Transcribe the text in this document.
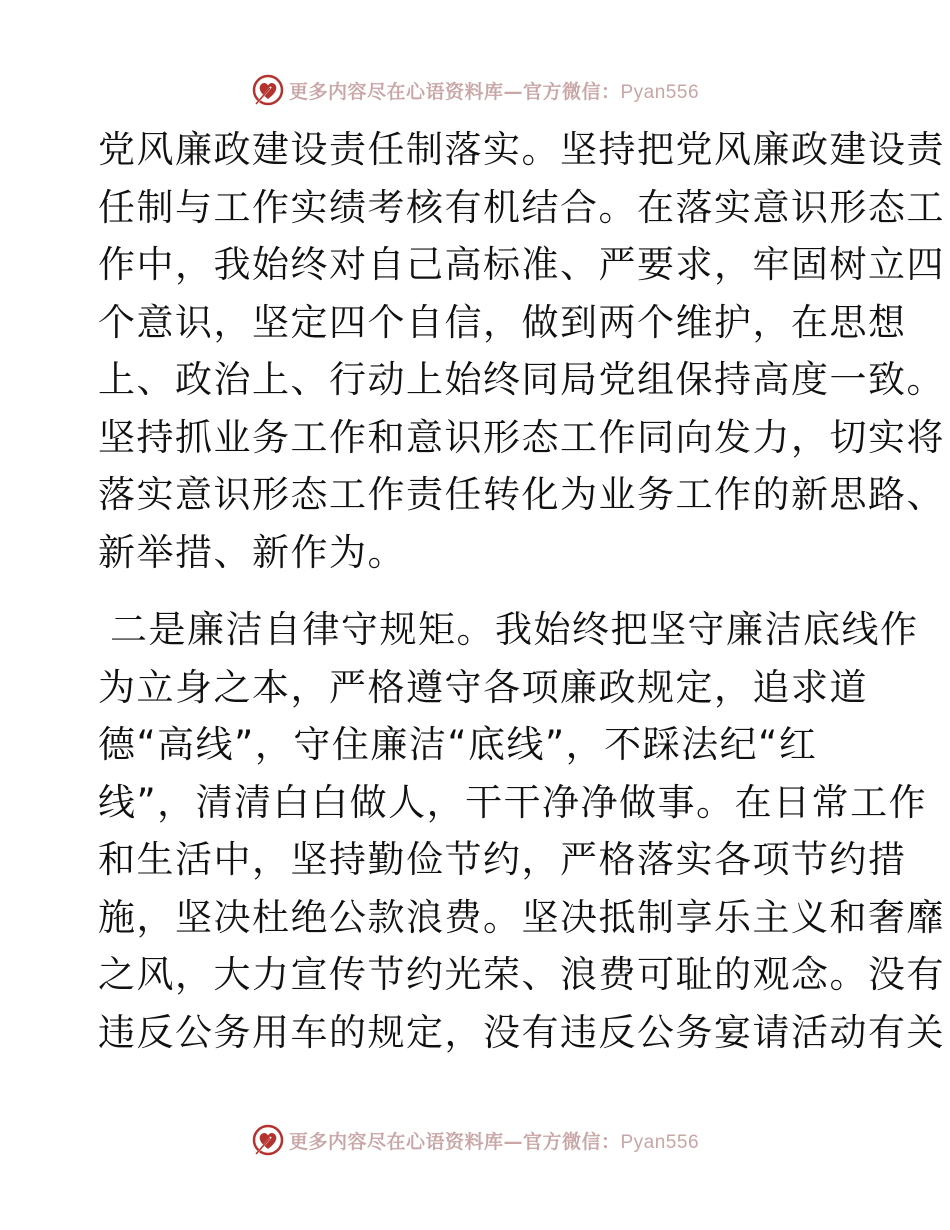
更多内容尽在心语资料库—官方微信：Pyan556
党风廉政建设责任制落实。坚持把党风廉政建设责
任制与工作实绩考核有机结合。在落实意识形态工
作中，我始终对自己高标准、严要求，牢固树立四
个意识，坚定四个自信，做到两个维护，在思想
上、政治上、行动上始终同局党组保持高度一致。
坚持抓业务工作和意识形态工作同向发力，切实将
落实意识形态工作责任转化为业务工作的新思路、
新举措、新作为。
二是廉洁自律守规矩。我始终把坚守廉洁底线作
为立身之本，严格遵守各项廉政规定，追求道
德“高线”，守住廉洁“底线”，不踩法纪“红
线”，清清白白做人，干干净净做事。在日常工作
和生活中，坚持勤俭节约，严格落实各项节约措
施，坚决杜绝公款浪费。坚决抵制享乐主义和奢靡
之风，大力宣传节约光荣、浪费可耻的观念。没有
违反公务用车的规定，没有违反公务宴请活动有关
更多内容尽在心语资料库—官方微信：Pyan556
